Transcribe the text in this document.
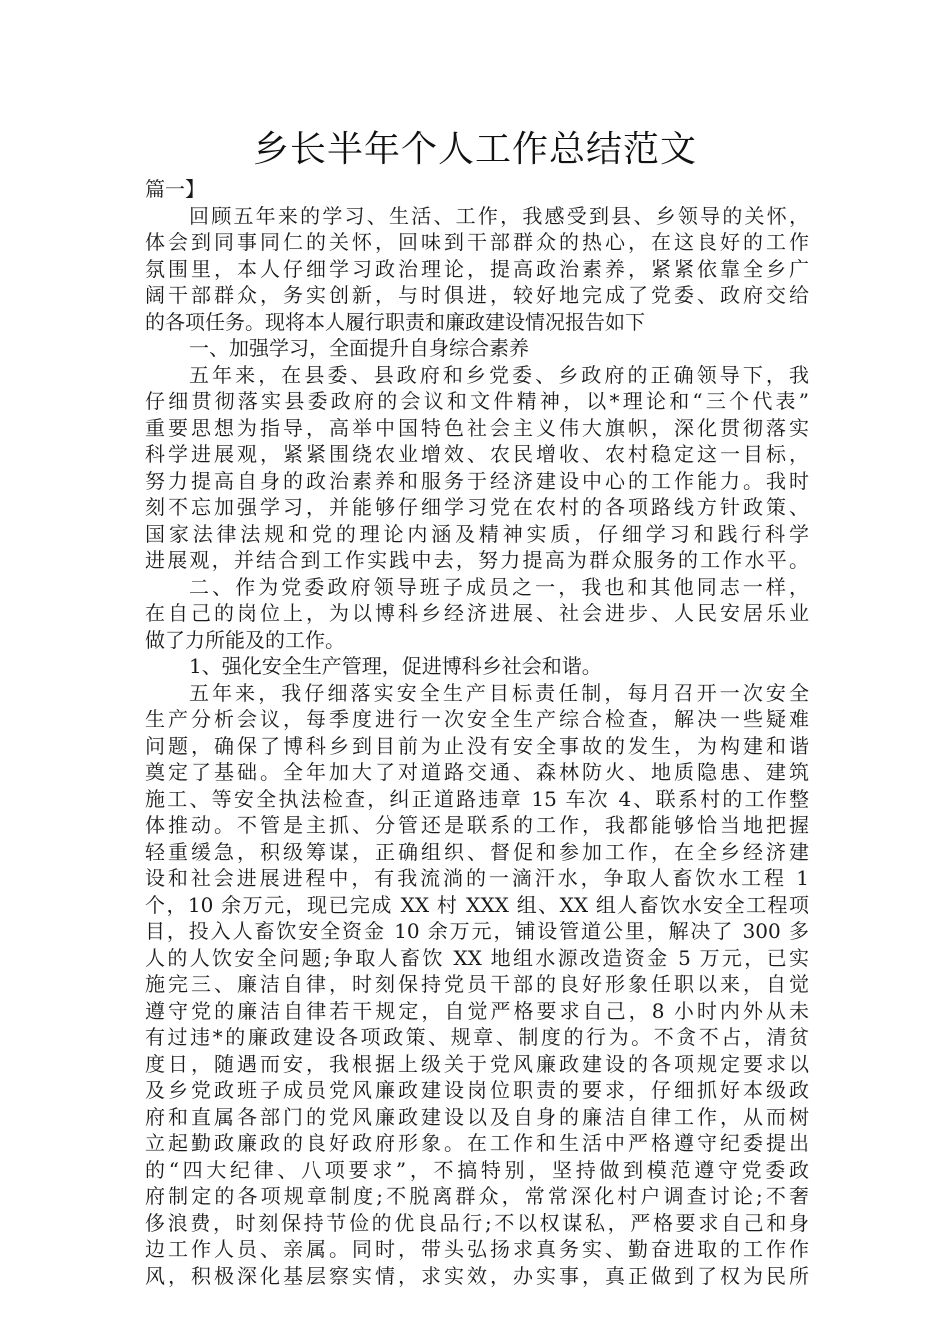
乡长半年个人工作总结范文
篇一】
回顾五年来的学习、生活、工作，我感受到县、乡领导的关怀，
体会到同事同仁的关怀，回味到干部群众的热心，在这良好的工作
氛围里，本人仔细学习政治理论，提高政治素养，紧紧依靠全乡广
阔干部群众，务实创新，与时俱进，较好地完成了党委、政府交给
的各项任务。现将本人履行职责和廉政建设情况报告如下
一、加强学习，全面提升自身综合素养
五年来，在县委、县政府和乡党委、乡政府的正确领导下，我
仔细贯彻落实县委政府的会议和文件精神，以*理论和“三个代表”
重要思想为指导，高举中国特色社会主义伟大旗帜，深化贯彻落实
科学进展观，紧紧围绕农业增效、农民增收、农村稳定这一目标，
努力提高自身的政治素养和服务于经济建设中心的工作能力。我时
刻不忘加强学习，并能够仔细学习党在农村的各项路线方针政策、
国家法律法规和党的理论内涵及精神实质，仔细学习和践行科学
进展观，并结合到工作实践中去，努力提高为群众服务的工作水平。
二、作为党委政府领导班子成员之一，我也和其他同志一样，
在自己的岗位上，为以博科乡经济进展、社会进步、人民安居乐业
做了力所能及的工作。
1、强化安全生产管理，促进博科乡社会和谐。
五年来，我仔细落实安全生产目标责任制，每月召开一次安全
生产分析会议，每季度进行一次安全生产综合检查，解决一些疑难
问题，确保了博科乡到目前为止没有安全事故的发生，为构建和谐
奠定了基础。全年加大了对道路交通、森林防火、地质隐患、建筑
施工、等安全执法检查，纠正道路违章 15 车次 4、联系村的工作整
体推动。不管是主抓、分管还是联系的工作，我都能够恰当地把握
轻重缓急，积级筹谋，正确组织、督促和参加工作，在全乡经济建
设和社会进展进程中，有我流淌的一滴汗水，争取人畜饮水工程 1
个，10 余万元，现已完成 XX 村 XXX 组、XX 组人畜饮水安全工程项
目，投入人畜饮安全资金 10 余万元，铺设管道公里，解决了 300 多
人的人饮安全问题;争取人畜饮 XX 地组水源改造资金 5 万元，已实
施完三、廉洁自律，时刻保持党员干部的良好形象任职以来，自觉
遵守党的廉洁自律若干规定，自觉严格要求自己，8 小时内外从未
有过违*的廉政建设各项政策、规章、制度的行为。不贪不占，清贫
度日，随遇而安，我根据上级关于党风廉政建设的各项规定要求以
及乡党政班子成员党风廉政建设岗位职责的要求，仔细抓好本级政
府和直属各部门的党风廉政建设以及自身的廉洁自律工作，从而树
立起勤政廉政的良好政府形象。在工作和生活中严格遵守纪委提出
的“四大纪律、八项要求”，不搞特别，坚持做到模范遵守党委政
府制定的各项规章制度;不脱离群众，常常深化村户调查讨论;不奢
侈浪费，时刻保持节俭的优良品行;不以权谋私，严格要求自己和身
边工作人员、亲属。同时，带头弘扬求真务实、勤奋进取的工作作
风，积极深化基层察实情，求实效，办实事，真正做到了权为民所
